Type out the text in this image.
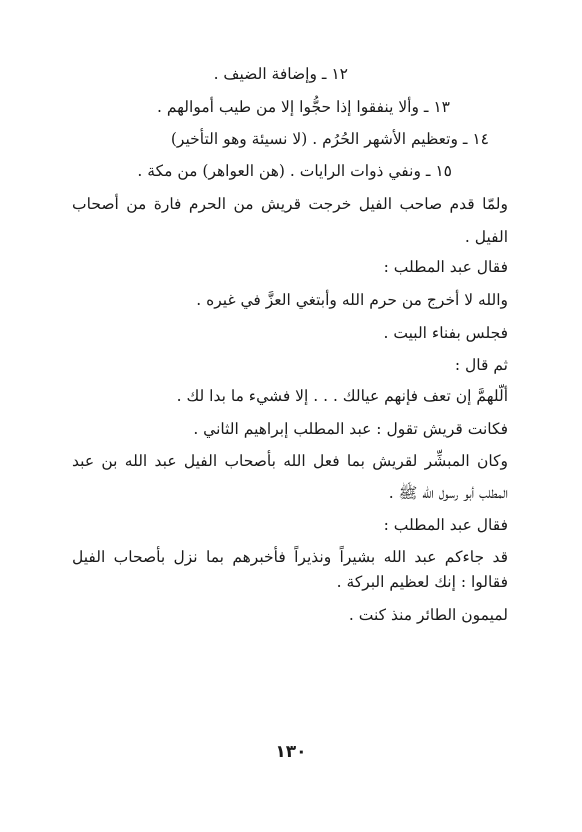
١٢ ـ وإضافة الضيف .
١٣ ـ وألا ينفقوا إذا حجُّوا إلا من طيب أموالهم .
١٤ ـ وتعظيم الأشهر الحُرُم . (لا نسيئة وهو التأخير)
١٥ ـ ونفي ذوات الرايات . (هن العواهر) من مكة .
ولمّا قدم صاحب الفيل خرجت قريش من الحرم فارة من أصحاب
الفيل .
فقال عبد المطلب :
والله لا أخرج من حرم الله وأبتغي العزَّ في غيره .
فجلس بفناء البيت .
ثم قال :
ألّلهمَّ إن تعف فإنهم عيالك . . . إلا فشيء ما بدا لك .
فكانت قريش تقول : عبد المطلب إبراهيم الثاني .
وكان المبشِّر لقريش بما فعل الله بأصحاب الفيل عبد الله بن عبد
المطلب أبو رسول الله ﷺ .
فقال عبد المطلب :
قد جاءكم عبد الله بشيراً ونذيراً فأخبرهم بما نزل بأصحاب الفيل
فقالوا : إنك لعظيم البركة .
لميمون الطائر منذ كنت .
١٣٠
